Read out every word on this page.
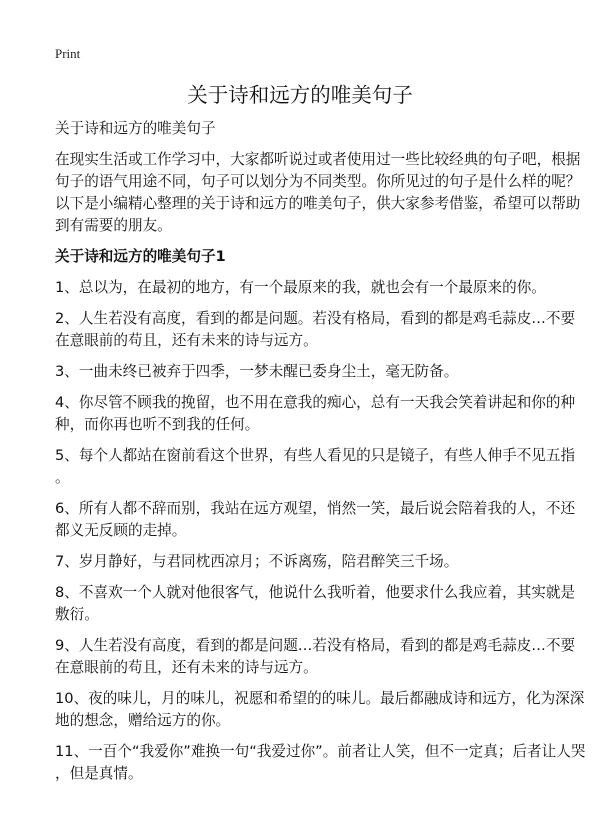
Print
关于诗和远方的唯美句子

关于诗和远方的唯美句子

在现实生活或工作学习中，大家都听说过或者使用过一些比较经典的句子吧，根据
句子的语气用途不同，句子可以划分为不同类型。你所见过的句子是什么样的呢？
以下是小编精心整理的关于诗和远方的唯美句子，供大家参考借鉴，希望可以帮助
到有需要的朋友。

关于诗和远方的唯美句子1

1、总以为，在最初的地方，有一个最原来的我，就也会有一个最原来的你。

2、人生若没有高度，看到的都是问题。若没有格局，看到的都是鸡毛蒜皮…不要
在意眼前的苟且，还有未来的诗与远方。

3、一曲未终已被弃于四季，一梦未醒已委身尘土，毫无防备。

4、你尽管不顾我的挽留，也不用在意我的痴心，总有一天我会笑着讲起和你的种
种，而你再也听不到我的任何。

5、每个人都站在窗前看这个世界，有些人看见的只是镜子，有些人伸手不见五指
。

6、所有人都不辞而别，我站在远方观望，悄然一笑，最后说会陪着我的人，不还
都义无反顾的走掉。

7、岁月静好，与君同枕西凉月；不诉离殇，陪君醉笑三千场。

8、不喜欢一个人就对他很客气，他说什么我听着，他要求什么我应着，其实就是
敷衍。

9、人生若没有高度，看到的都是问题…若没有格局，看到的都是鸡毛蒜皮…不要
在意眼前的苟且，还有未来的诗与远方。

10、夜的味儿，月的味儿，祝愿和希望的的味儿。最后都融成诗和远方，化为深深
地的想念，赠给远方的你。

11、一百个“我爱你”难换一句“我爱过你”。前者让人笑，但不一定真；后者让人哭
，但是真情。
